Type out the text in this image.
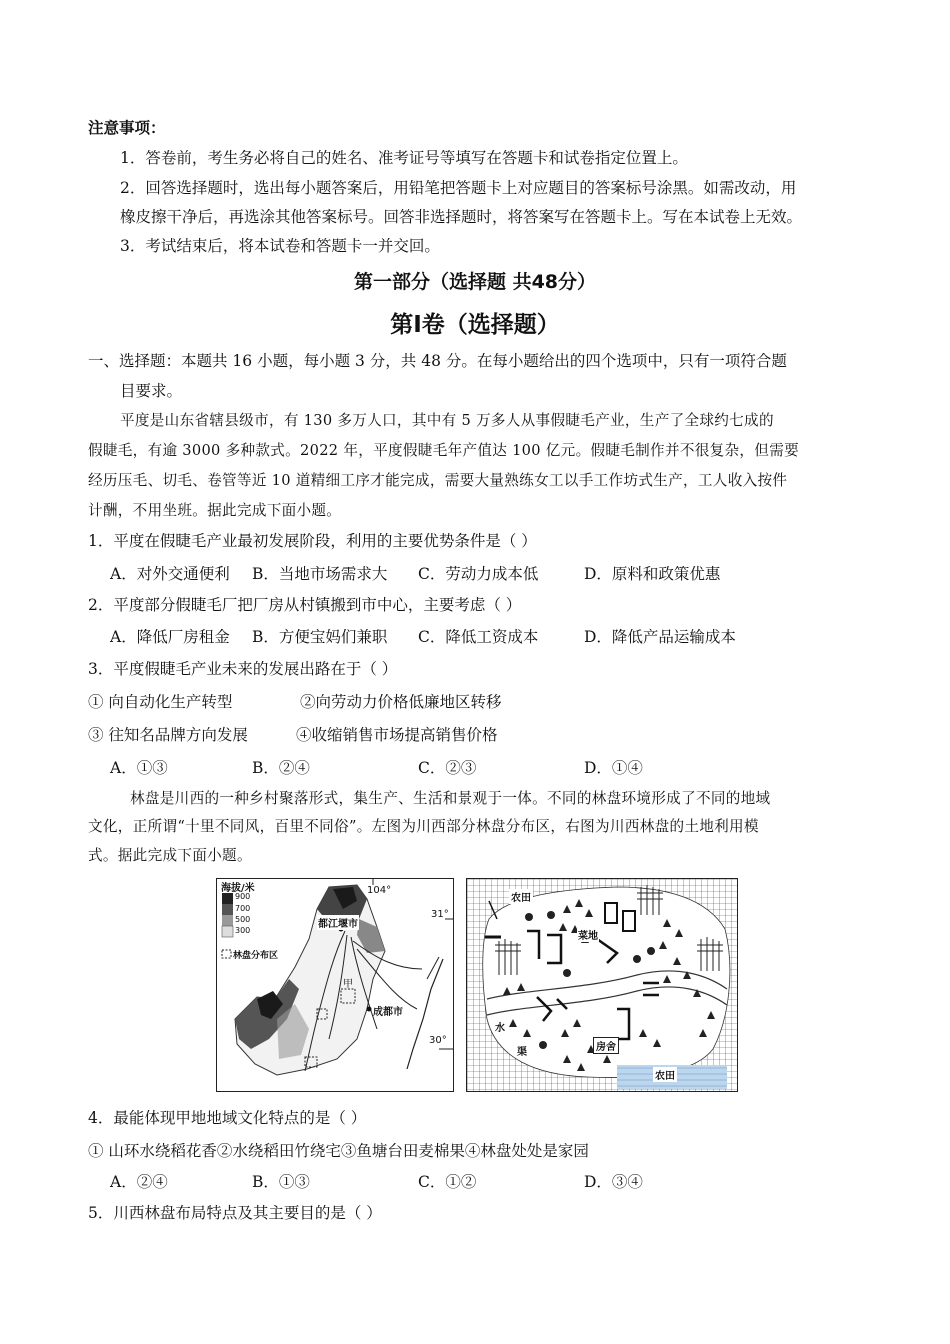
注意事项：
1．答卷前，考生务必将自己的姓名、准考证号等填写在答题卡和试卷指定位置上。
2．回答选择题时，选出每小题答案后，用铅笔把答题卡上对应题目的答案标号涂黑。如需改动，用
橡皮擦干净后，再选涂其他答案标号。回答非选择题时，将答案写在答题卡上。写在本试卷上无效。
3．考试结束后，将本试卷和答题卡一并交回。
第一部分（选择题 共48分）
第Ⅰ卷（选择题）
一、选择题：本题共 16 小题，每小题 3 分，共 48 分。在每小题给出的四个选项中，只有一项符合题
目要求。
平度是山东省辖县级市，有 130 多万人口，其中有 5 万多人从事假睫毛产业，生产了全球约七成的
假睫毛，有逾 3000 多种款式。2022 年，平度假睫毛年产值达 100 亿元。假睫毛制作并不很复杂，但需要
经历压毛、切毛、卷管等近 10 道精细工序才能完成，需要大量熟练女工以手工作坊式生产，工人收入按件
计酬，不用坐班。据此完成下面小题。
1．平度在假睫毛产业最初发展阶段，利用的主要优势条件是（ ）
A．对外交通便利 B．当地市场需求大 C．劳动力成本低	D．原料和政策优惠
2．平度部分假睫毛厂把厂房从村镇搬到市中心，主要考虑（ ）
A．降低厂房租金 B．方便宝妈们兼职 C．降低工资成本	D．降低产品运输成本
3．平度假睫毛产业未来的发展出路在于（ ）
① 向自动化生产转型	②向劳动力价格低廉地区转移
③ 往知名品牌方向发展	④收缩销售市场提高销售价格
A．①③	B．②④	C．②③	D．①④
林盘是川西的一种乡村聚落形式，集生产、生活和景观于一体。不同的林盘环境形成了不同的地域
文化，正所谓“十里不同风，百里不同俗”。左图为川西部分林盘分布区，右图为川西林盘的土地利用模
式。据此完成下面小题。
海拔/米
900
700
500
300
林盘分布区
104°
31°
30°
都江堰市
成都市
甲
农田
农田
菜地
房舍
水
渠
4．最能体现甲地地域文化特点的是（ ）
① 山环水绕稻花香②水绕稻田竹绕宅③鱼塘台田麦棉果④林盘处处是家园
A．②④	B．①③	C．①②	D．③④
5．川西林盘布局特点及其主要目的是（ ）
